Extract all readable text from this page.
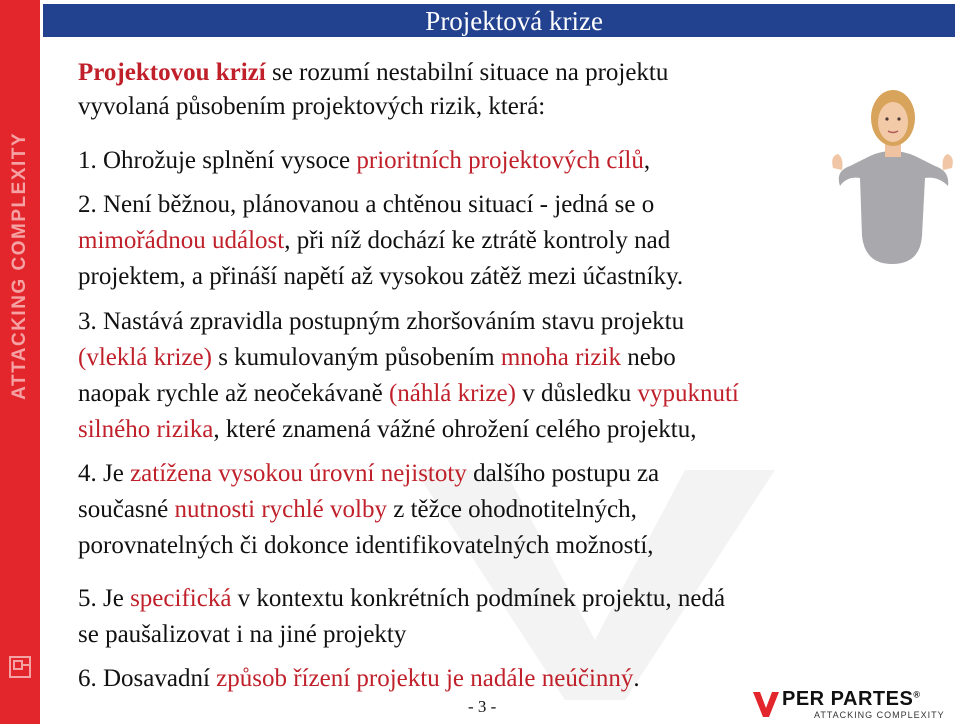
ATTACKING COMPLEXITY
Projektová krize
Projektovou krizí se rozumí nestabilní situace na projektu
vyvolaná působením projektových rizik, která:
1. Ohrožuje splnění vysoce prioritních projektových cílů,
2. Není běžnou, plánovanou a chtěnou situací - jedná se o
mimořádnou událost, při níž dochází ke ztrátě kontroly nad
projektem, a přináší napětí až vysokou zátěž mezi účastníky.
3. Nastává zpravidla postupným zhoršováním stavu projektu
(vleklá krize) s kumulovaným působením mnoha rizik nebo
naopak rychle až neočekávaně (náhlá krize) v důsledku vypuknutí
silného rizika, které znamená vážné ohrožení celého projektu,
4. Je zatížena vysokou úrovní nejistoty dalšího postupu za
současné nutnosti rychlé volby z těžce ohodnotitelných,
porovnatelných či dokonce identifikovatelných možností,
5. Je specifická v kontextu konkrétních podmínek projektu, nedá
se paušalizovat i na jiné projekty
6. Dosavadní způsob řízení projektu je nadále neúčinný.
- 3 -	PER PARTES®
ATTACKING COMPLEXITY
